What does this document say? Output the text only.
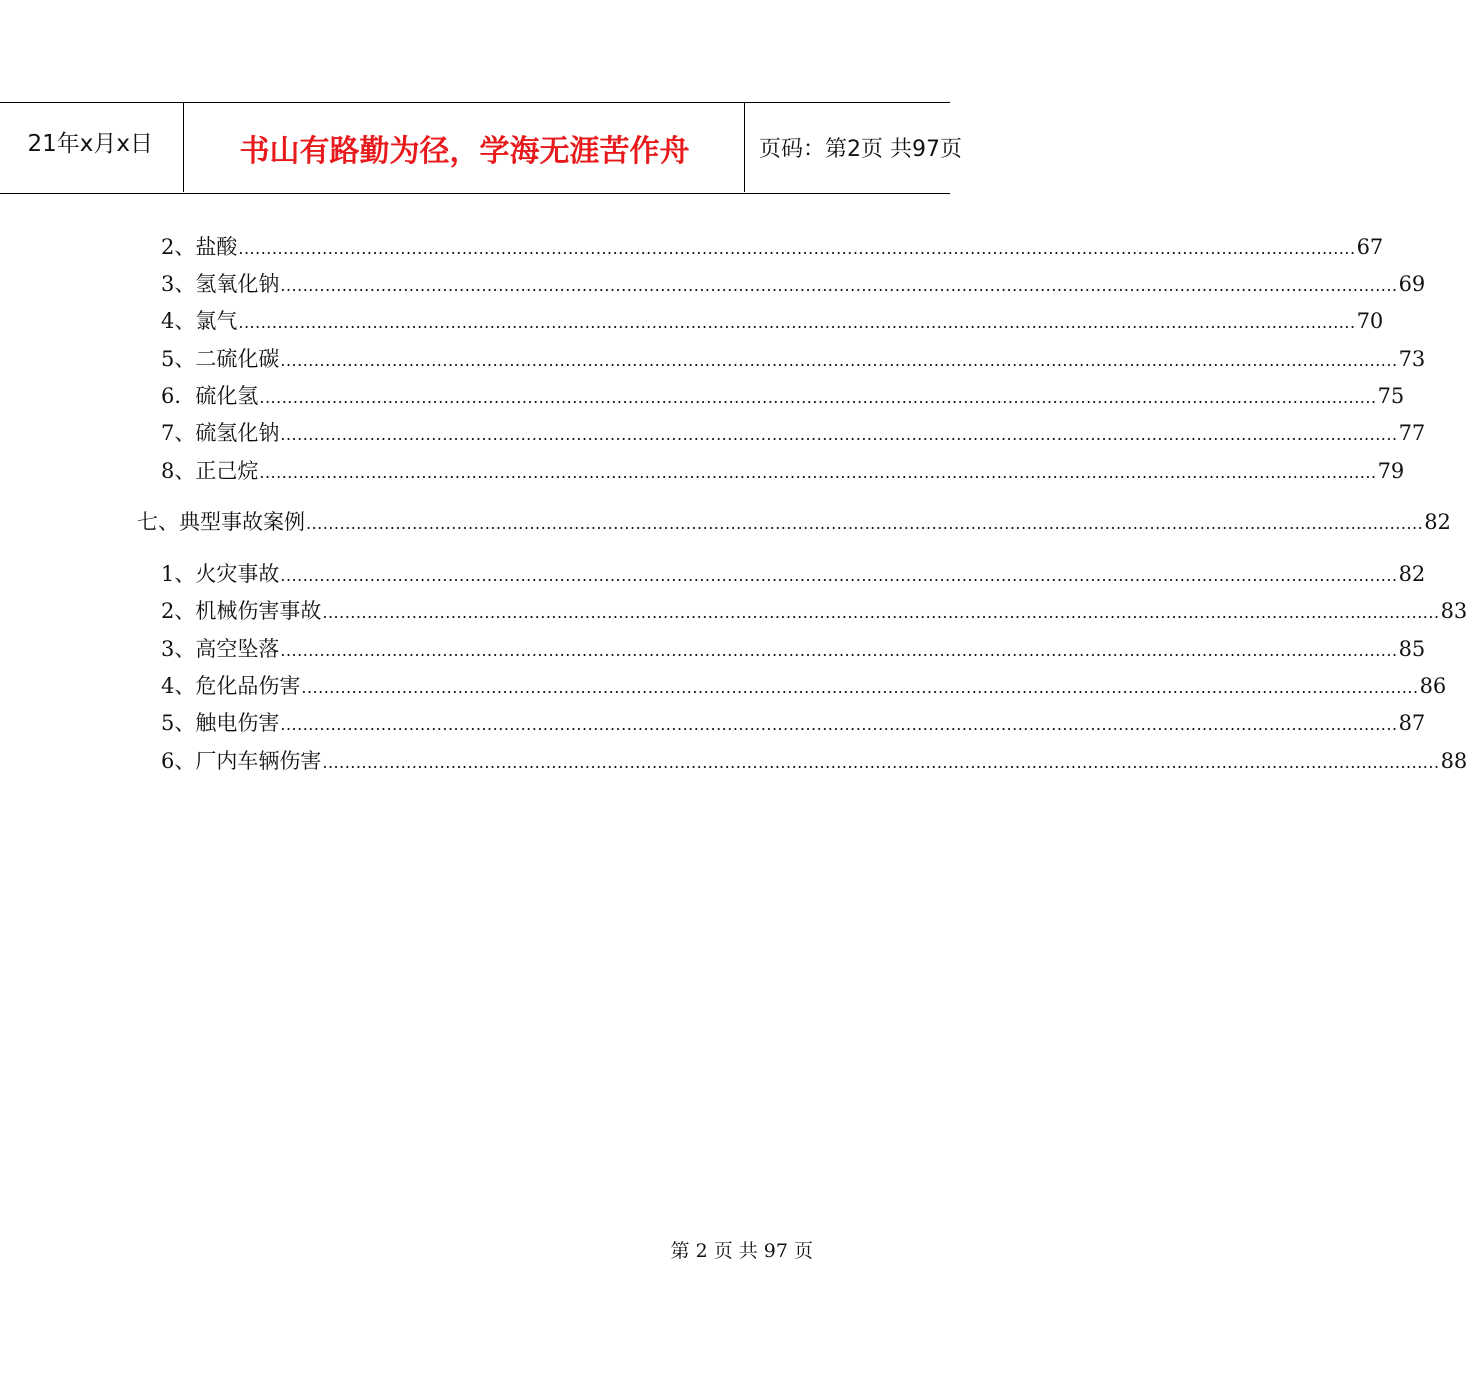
21年x月x日	书山有路勤为径，学海无涯苦作舟	页码：第2页 共97页
2、 盐酸 ........................................................................................................................................................................................................ 67
3、 氢氧化钠 ........................................................................................................................................................................................................ 69
4、 氯气 ........................................................................................................................................................................................................ 70
5、 二硫化碳 ........................................................................................................................................................................................................ 73
6． 硫化氢 ........................................................................................................................................................................................................ 75
7、 硫氢化钠 ........................................................................................................................................................................................................ 77
8、 正己烷 ........................................................................................................................................................................................................ 79
七、 典型事故案例 ........................................................................................................................................................................................................ 82
1、 火灾事故 ........................................................................................................................................................................................................ 82
2、 机械伤害事故 ........................................................................................................................................................................................................ 83
3、 高空坠落 ........................................................................................................................................................................................................ 85
4、 危化品伤害 ........................................................................................................................................................................................................ 86
5、 触电伤害 ........................................................................................................................................................................................................ 87
6、 厂内车辆伤害 ........................................................................................................................................................................................................ 88
第 2 页 共 97 页
